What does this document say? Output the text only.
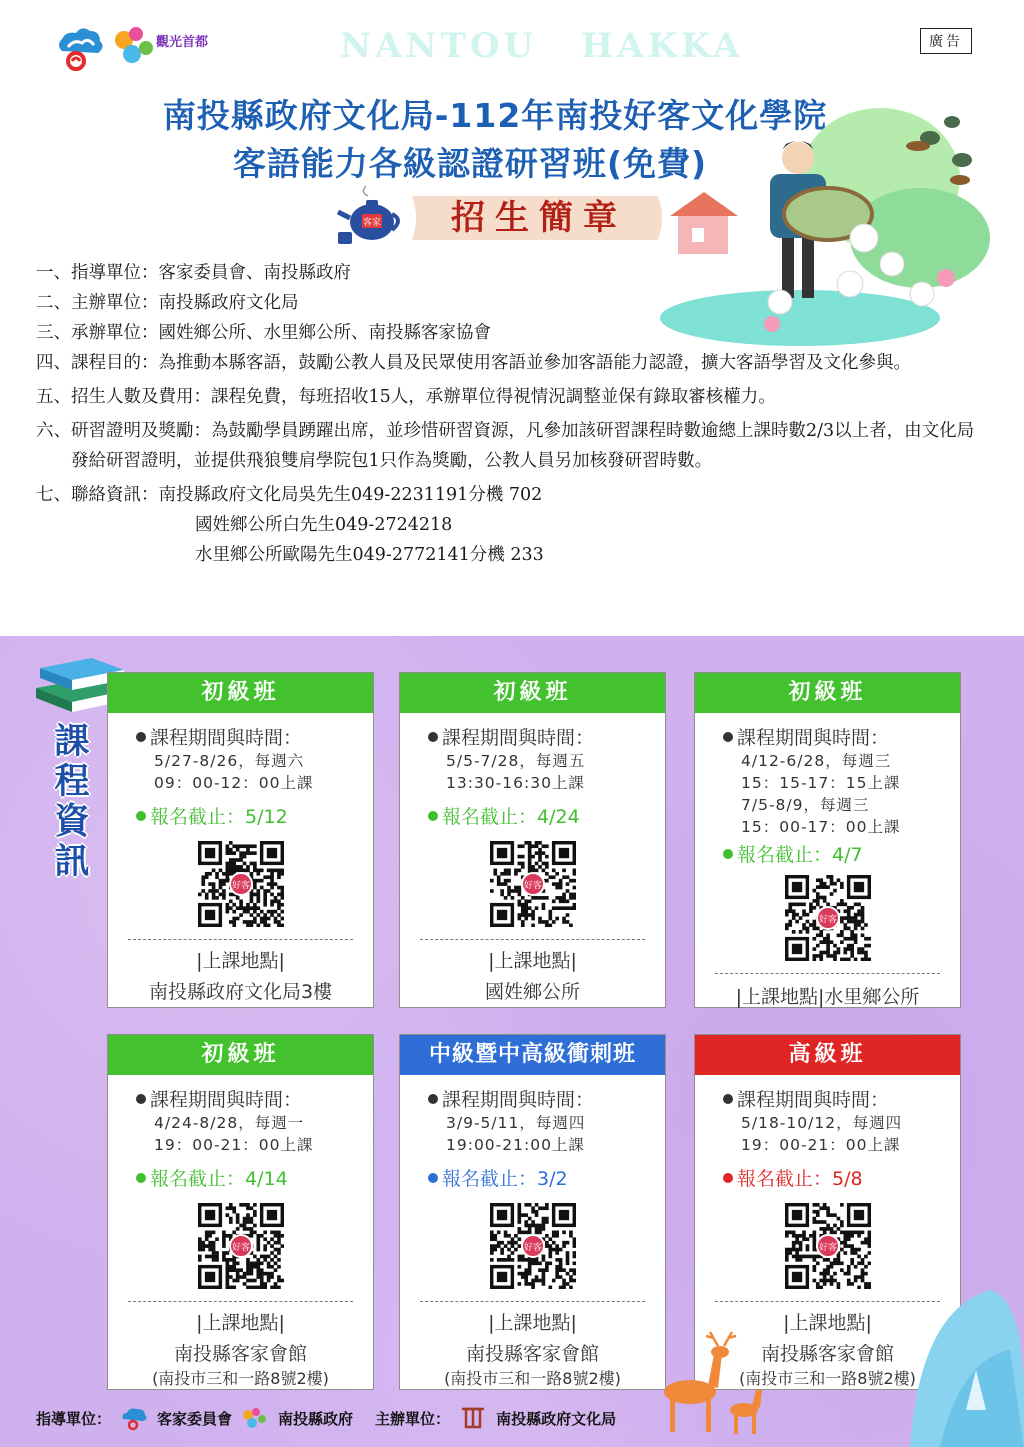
觀光首都	NANTOU HAKKA	廣告
南投縣政府文化局-112年南投好客文化學院
客語能力各級認證研習班(免費)
客家	招生簡章
一、 指導單位： 客家委員會、南投縣政府
二、 主辦單位： 南投縣政府文化局
三、 承辦單位： 國姓鄉公所、水里鄉公所、南投縣客家協會
四、 課程目的：為推動本縣客語，鼓勵公教人員及民眾使用客語並參加客語能力認證，擴大客語學習及文化參與。
五、 招生人數及費用：課程免費，每班招收15人，承辦單位得視情況調整並保有錄取審核權力。
六、 研習證明及獎勵：為鼓勵學員踴躍出席，並珍惜研習資源，凡參加該研習課程時數逾總上課時數2/3以上者，由文化局發給研習證明，並提供飛狼雙肩學院包1只作為獎勵，公教人員另加核發研習時數。
七、 聯絡資訊： 南投縣政府文化局吳先生049-2231191分機 702
國姓鄉公所白先生049-2724218
水里鄉公所歐陽先生049-2772141分機 233
課程資訊
初級班
課程期間與時間：
5/27-8/26，每週六
09：00-12：00上課
報名截止：5/12
好客
|上課地點|
南投縣政府文化局3樓
初級班
課程期間與時間：
5/5-7/28，每週五
13:30-16:30上課
報名截止：4/24
好客
|上課地點|
國姓鄉公所
初級班
課程期間與時間：
4/12-6/28，每週三
15：15-17：15上課
7/5-8/9，每週三
15：00-17：00上課
報名截止：4/7
好客
|上課地點|水里鄉公所
初級班
課程期間與時間：
4/24-8/28，每週一
19：00-21：00上課
報名截止：4/14
好客
|上課地點|
南投縣客家會館
(南投市三和一路8號2樓)
中級暨中高級衝刺班
課程期間與時間：
3/9-5/11，每週四
19:00-21:00上課
報名截止：3/2
好客
|上課地點|
南投縣客家會館
(南投市三和一路8號2樓)
高級班
課程期間與時間：
5/18-10/12，每週四
19：00-21：00上課
報名截止：5/8
好客
|上課地點|
南投縣客家會館
(南投市三和一路8號2樓)
指導單位：	客家委員會	南投縣政府 主辦單位：	南投縣政府文化局
